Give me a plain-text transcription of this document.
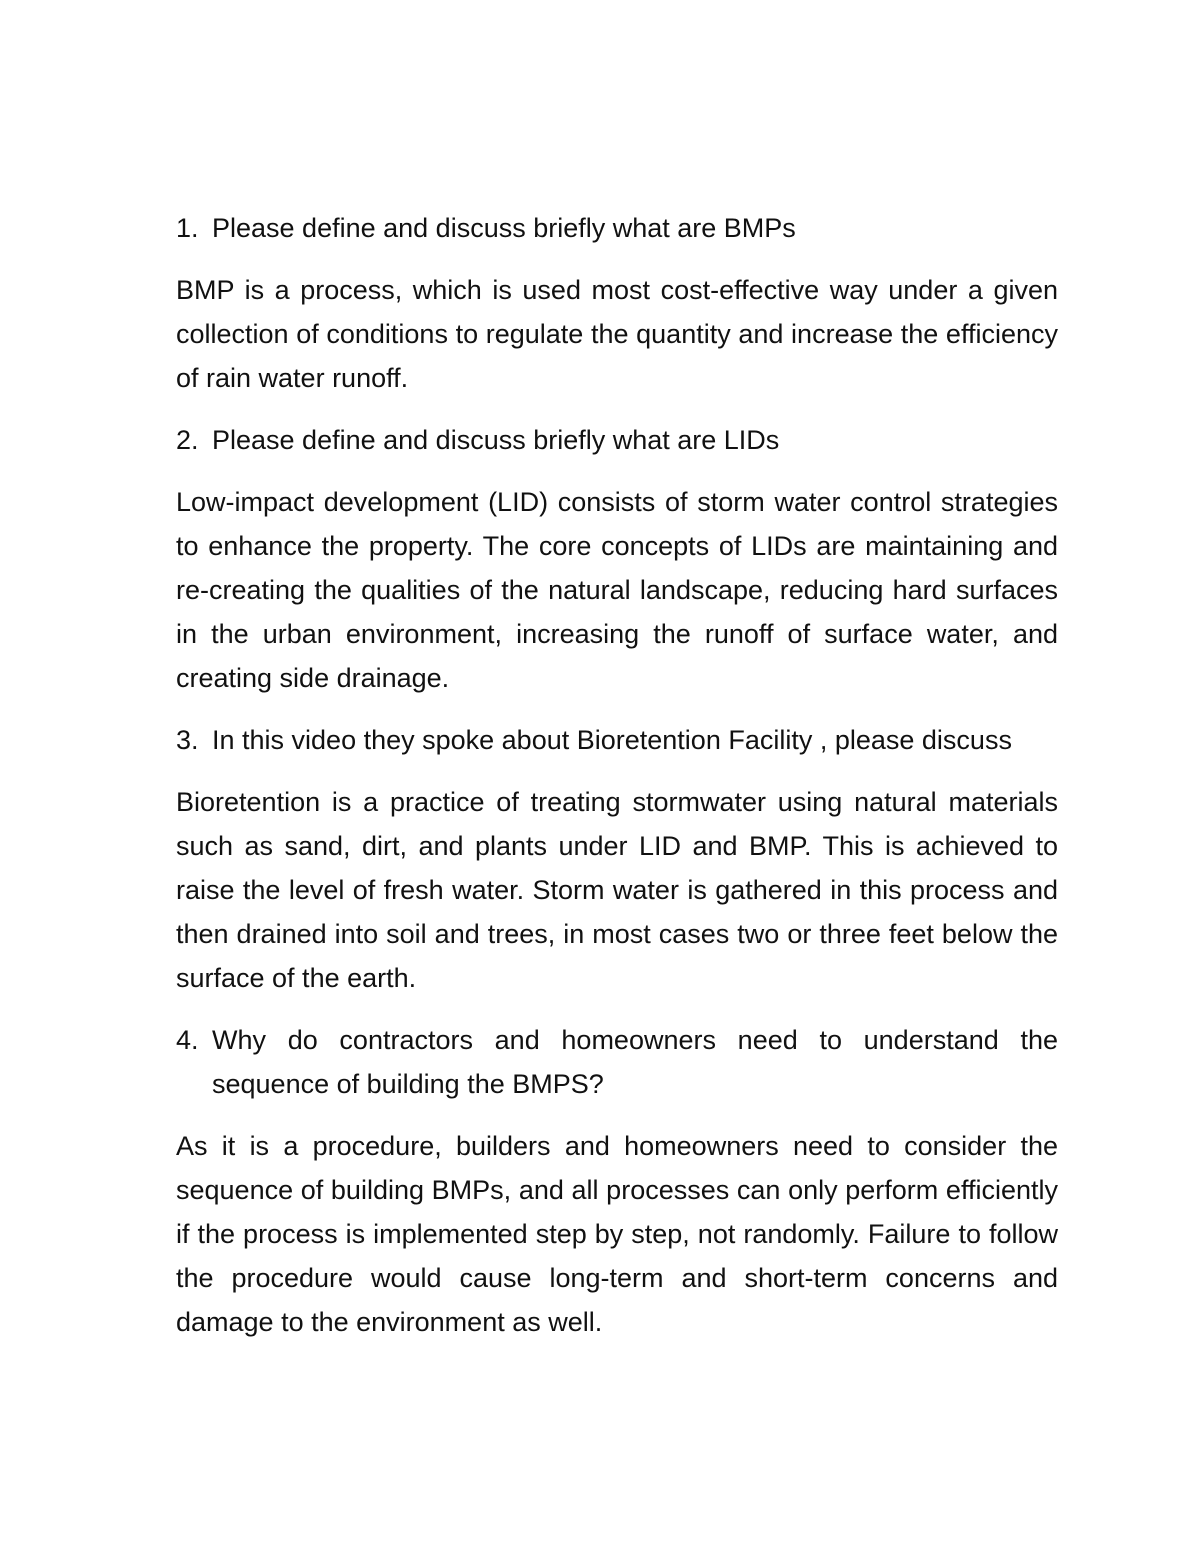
1. Please define and discuss briefly what are BMPs

BMP is a process, which is used most cost-effective way under a given collection of conditions to regulate the quantity and increase the efficiency of rain water runoff.

2. Please define and discuss briefly what are LIDs

Low-impact development (LID) consists of storm water control strategies to enhance the property. The core concepts of LIDs are maintaining and re-creating the qualities of the natural landscape, reducing hard surfaces in the urban environment, increasing the runoff of surface water, and creating side drainage.

3. In this video they spoke about Bioretention Facility , please discuss

Bioretention is a practice of treating stormwater using natural materials such as sand, dirt, and plants under LID and BMP. This is achieved to raise the level of fresh water. Storm water is gathered in this process and then drained into soil and trees, in most cases two or three feet below the surface of the earth.

4. Why do contractors and homeowners need to understand the sequence of building the BMPS?

As it is a procedure, builders and homeowners need to consider the sequence of building BMPs, and all processes can only perform efficiently if the process is implemented step by step, not randomly. Failure to follow the procedure would cause long-term and short-term concerns and damage to the environment as well.
